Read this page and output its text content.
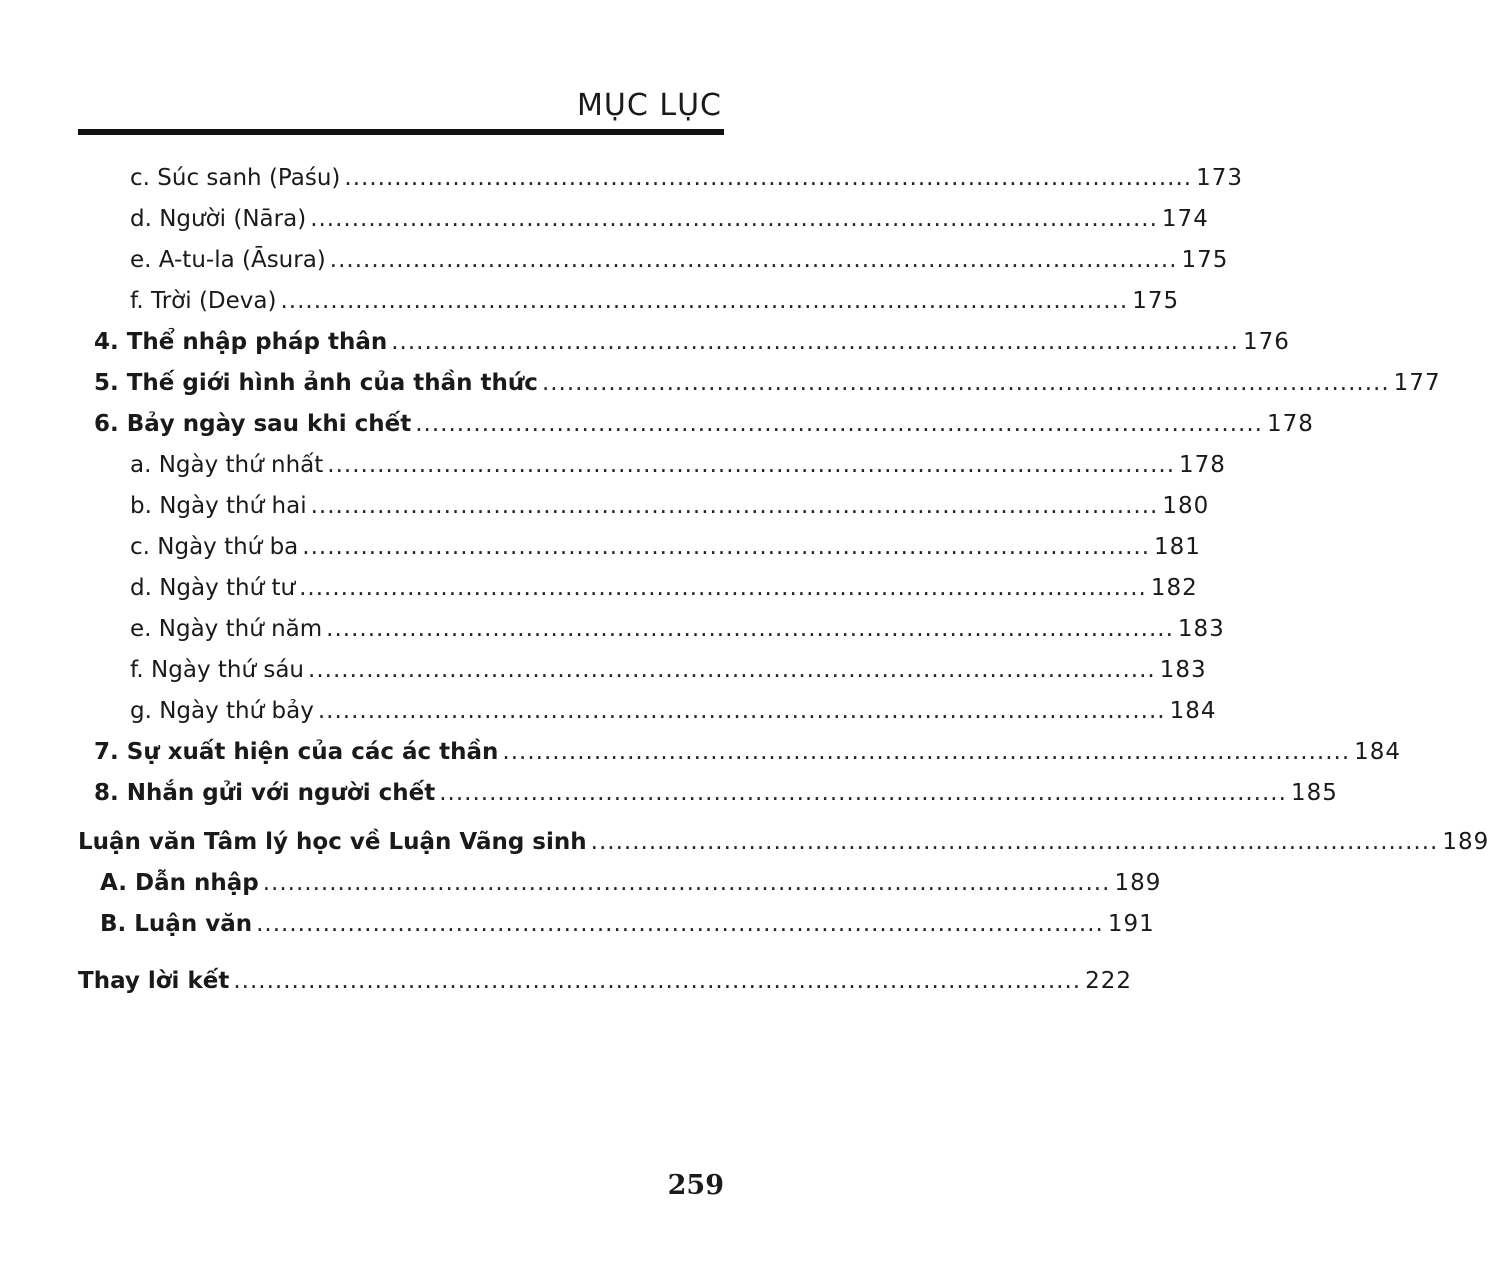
MỤC LỤC
c. Súc sanh (Paśu) ...................................................................................................... 173
d. Người (Nāra) ...................................................................................................... 174
e. A-tu-la (Āsura) ...................................................................................................... 175
f. Trời (Deva) ...................................................................................................... 175
4. Thể nhập pháp thân ...................................................................................................... 176
5. Thế giới hình ảnh của thần thức ...................................................................................................... 177
6. Bảy ngày sau khi chết ...................................................................................................... 178
a. Ngày thứ nhất ...................................................................................................... 178
b. Ngày thứ hai ...................................................................................................... 180
c. Ngày thứ ba ...................................................................................................... 181
d. Ngày thứ tư ...................................................................................................... 182
e. Ngày thứ năm ...................................................................................................... 183
f. Ngày thứ sáu ...................................................................................................... 183
g. Ngày thứ bảy ...................................................................................................... 184
7. Sự xuất hiện của các ác thần ...................................................................................................... 184
8. Nhắn gửi với người chết ...................................................................................................... 185
Luận văn Tâm lý học về Luận Vãng sinh ...................................................................................................... 189
A. Dẫn nhập ...................................................................................................... 189
B. Luận văn ...................................................................................................... 191
Thay lời kết ...................................................................................................... 222
259
